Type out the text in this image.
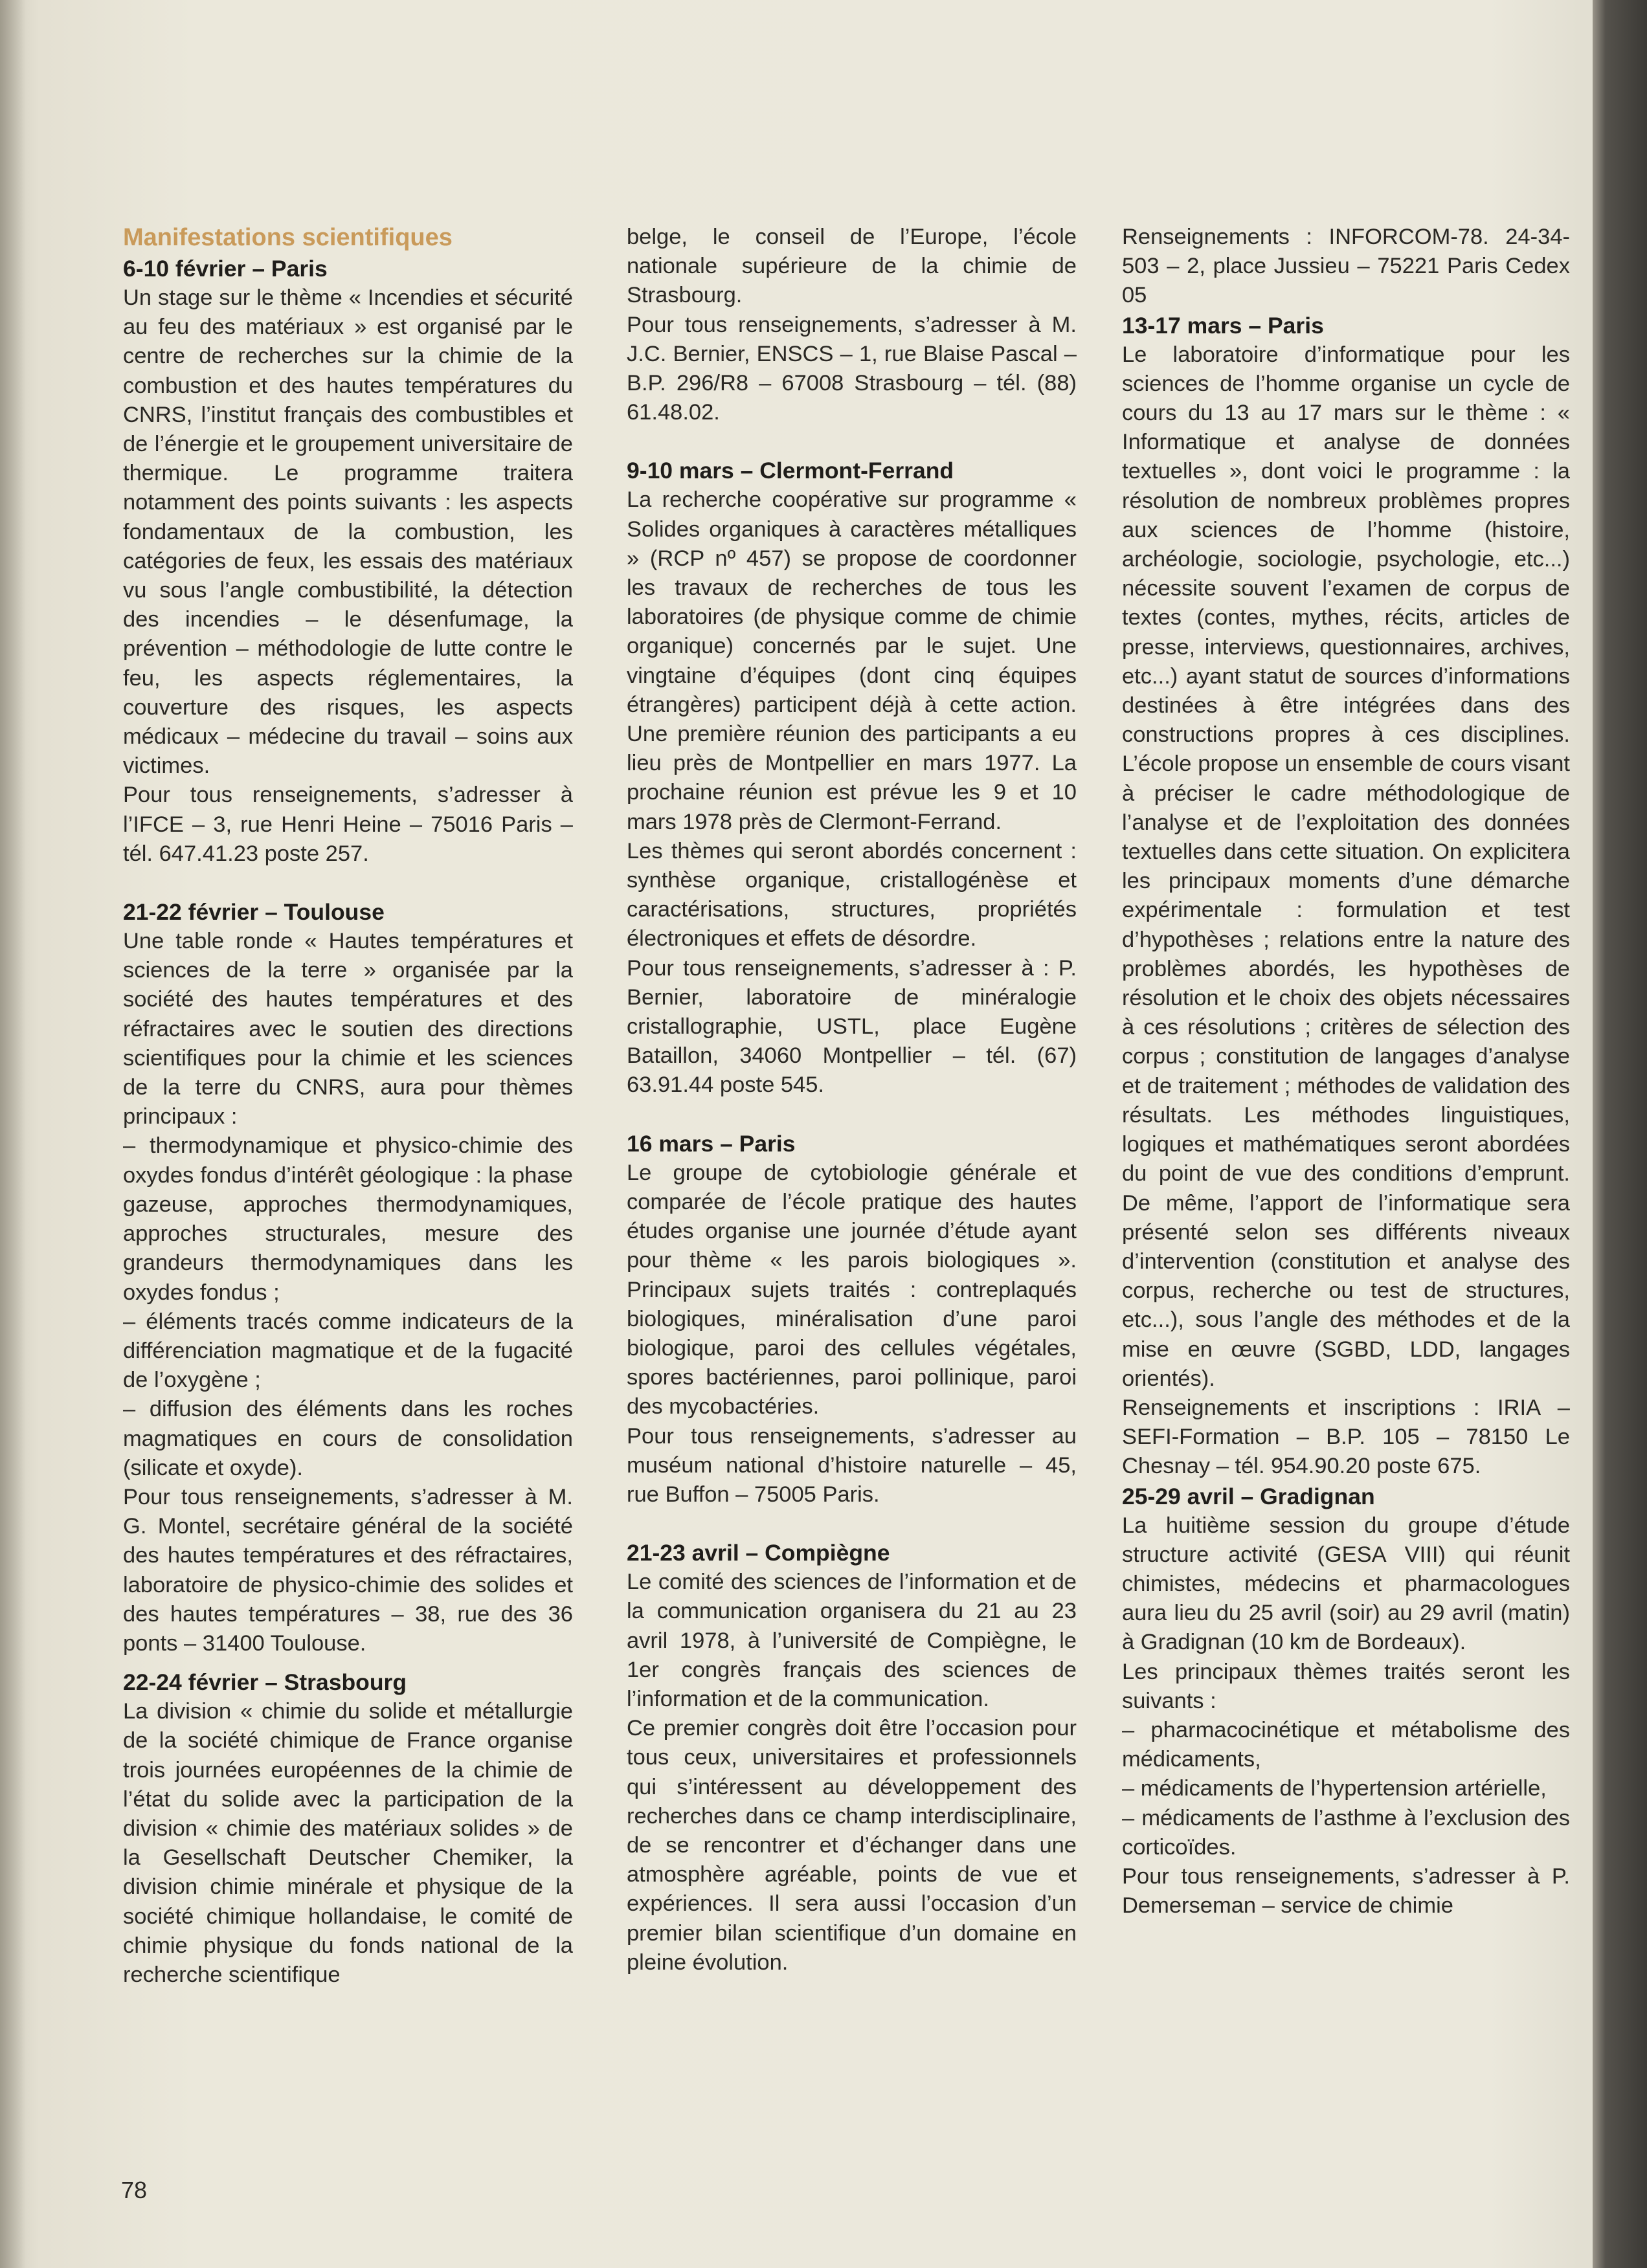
Manifestations scientifiques
6-10 février – Paris
Un stage sur le thème « Incendies et sécurité au feu des matériaux » est organisé par le centre de recherches sur la chimie de la combustion et des hautes températures du CNRS, l’institut français des combustibles et de l’énergie et le groupement universitaire de thermique. Le programme traitera notamment des points suivants : les aspects fondamentaux de la combustion, les catégories de feux, les essais des matériaux vu sous l’angle combustibilité, la détection des incendies – le désenfumage, la prévention – méthodologie de lutte contre le feu, les aspects réglementaires, la couverture des risques, les aspects médicaux – médecine du travail – soins aux victimes.
Pour tous renseignements, s’adresser à l’IFCE – 3, rue Henri Heine – 75016 Paris – tél. 647.41.23 poste 257.
21-22 février – Toulouse
Une table ronde « Hautes températures et sciences de la terre » organisée par la société des hautes températures et des réfractaires avec le soutien des directions scientifiques pour la chimie et les sciences de la terre du CNRS, aura pour thèmes principaux :
– thermodynamique et physico-chimie des oxydes fondus d’intérêt géologique : la phase gazeuse, approches thermodynamiques, approches structurales, mesure des grandeurs thermodynamiques dans les oxydes fondus ;
– éléments tracés comme indicateurs de la différenciation magmatique et de la fugacité de l’oxygène ;
– diffusion des éléments dans les roches magmatiques en cours de consolidation (silicate et oxyde).
Pour tous renseignements, s’adresser à M. G. Montel, secrétaire général de la société des hautes températures et des réfractaires, laboratoire de physico-chimie des solides et des hautes températures – 38, rue des 36 ponts – 31400 Toulouse.
22-24 février – Strasbourg
La division « chimie du solide et métallurgie de la société chimique de France organise trois journées européennes de la chimie de l’état du solide avec la participation de la division « chimie des matériaux solides » de la Gesellschaft Deutscher Chemiker, la division chimie minérale et physique de la société chimique hollandaise, le comité de chimie physique du fonds national de la recherche scientifique
belge, le conseil de l’Europe, l’école nationale supérieure de la chimie de Strasbourg.
Pour tous renseignements, s’adresser à M. J.C. Bernier, ENSCS – 1, rue Blaise Pascal – B.P. 296/R8 – 67008 Strasbourg – tél. (88) 61.48.02.
9-10 mars – Clermont-Ferrand
La recherche coopérative sur programme « Solides organiques à caractères métalliques » (RCP nº 457) se propose de coordonner les travaux de recherches de tous les laboratoires (de physique comme de chimie organique) concernés par le sujet. Une vingtaine d’équipes (dont cinq équipes étrangères) participent déjà à cette action. Une première réunion des participants a eu lieu près de Montpellier en mars 1977. La prochaine réunion est prévue les 9 et 10 mars 1978 près de Clermont-Ferrand.
Les thèmes qui seront abordés concernent : synthèse organique, cristallogénèse et caractérisations, structures, propriétés électroniques et effets de désordre.
Pour tous renseignements, s’adresser à : P. Bernier, laboratoire de minéralogie cristallographie, USTL, place Eugène Bataillon, 34060 Montpellier – tél. (67) 63.91.44 poste 545.
16 mars – Paris
Le groupe de cytobiologie générale et comparée de l’école pratique des hautes études organise une journée d’étude ayant pour thème « les parois biologiques ». Principaux sujets traités : contreplaqués biologiques, minéralisation d’une paroi biologique, paroi des cellules végétales, spores bactériennes, paroi pollinique, paroi des mycobactéries.
Pour tous renseignements, s’adresser au muséum national d’histoire naturelle – 45, rue Buffon – 75005 Paris.
21-23 avril – Compiègne
Le comité des sciences de l’information et de la communication organisera du 21 au 23 avril 1978, à l’université de Compiègne, le 1er congrès français des sciences de l’information et de la communication.
Ce premier congrès doit être l’occasion pour tous ceux, universitaires et professionnels qui s’intéressent au développement des recherches dans ce champ interdisciplinaire, de se rencontrer et d’échanger dans une atmosphère agréable, points de vue et expériences. Il sera aussi l’occasion d’un premier bilan scientifique d’un domaine en pleine évolution.
Renseignements : INFORCOM-78. 24-34-503 – 2, place Jussieu – 75221 Paris Cedex 05
13-17 mars – Paris
Le laboratoire d’informatique pour les sciences de l’homme organise un cycle de cours du 13 au 17 mars sur le thème : « Informatique et analyse de données textuelles », dont voici le programme : la résolution de nombreux problèmes propres aux sciences de l’homme (histoire, archéologie, sociologie, psychologie, etc...) nécessite souvent l’examen de corpus de textes (contes, mythes, récits, articles de presse, interviews, questionnaires, archives, etc...) ayant statut de sources d’informations destinées à être intégrées dans des constructions propres à ces disciplines. L’école propose un ensemble de cours visant à préciser le cadre méthodologique de l’analyse et de l’exploitation des données textuelles dans cette situation. On explicitera les principaux moments d’une démarche expérimentale : formulation et test d’hypothèses ; relations entre la nature des problèmes abordés, les hypothèses de résolution et le choix des objets nécessaires à ces résolutions ; critères de sélection des corpus ; constitution de langages d’analyse et de traitement ; méthodes de validation des résultats. Les méthodes linguistiques, logiques et mathématiques seront abordées du point de vue des conditions d’emprunt. De même, l’apport de l’informatique sera présenté selon ses différents niveaux d’intervention (constitution et analyse des corpus, recherche ou test de structures, etc...), sous l’angle des méthodes et de la mise en œuvre (SGBD, LDD, langages orientés).
Renseignements et inscriptions : IRIA – SEFI-Formation – B.P. 105 – 78150 Le Chesnay – tél. 954.90.20 poste 675.
25-29 avril – Gradignan
La huitième session du groupe d’étude structure activité (GESA VIII) qui réunit chimistes, médecins et pharmacologues aura lieu du 25 avril (soir) au 29 avril (matin) à Gradignan (10 km de Bordeaux).
Les principaux thèmes traités seront les suivants :
– pharmacocinétique et métabolisme des médicaments,
– médicaments de l’hypertension artérielle,
– médicaments de l’asthme à l’exclusion des corticoïdes.
Pour tous renseignements, s’adresser à P. Demerseman – service de chimie
78
